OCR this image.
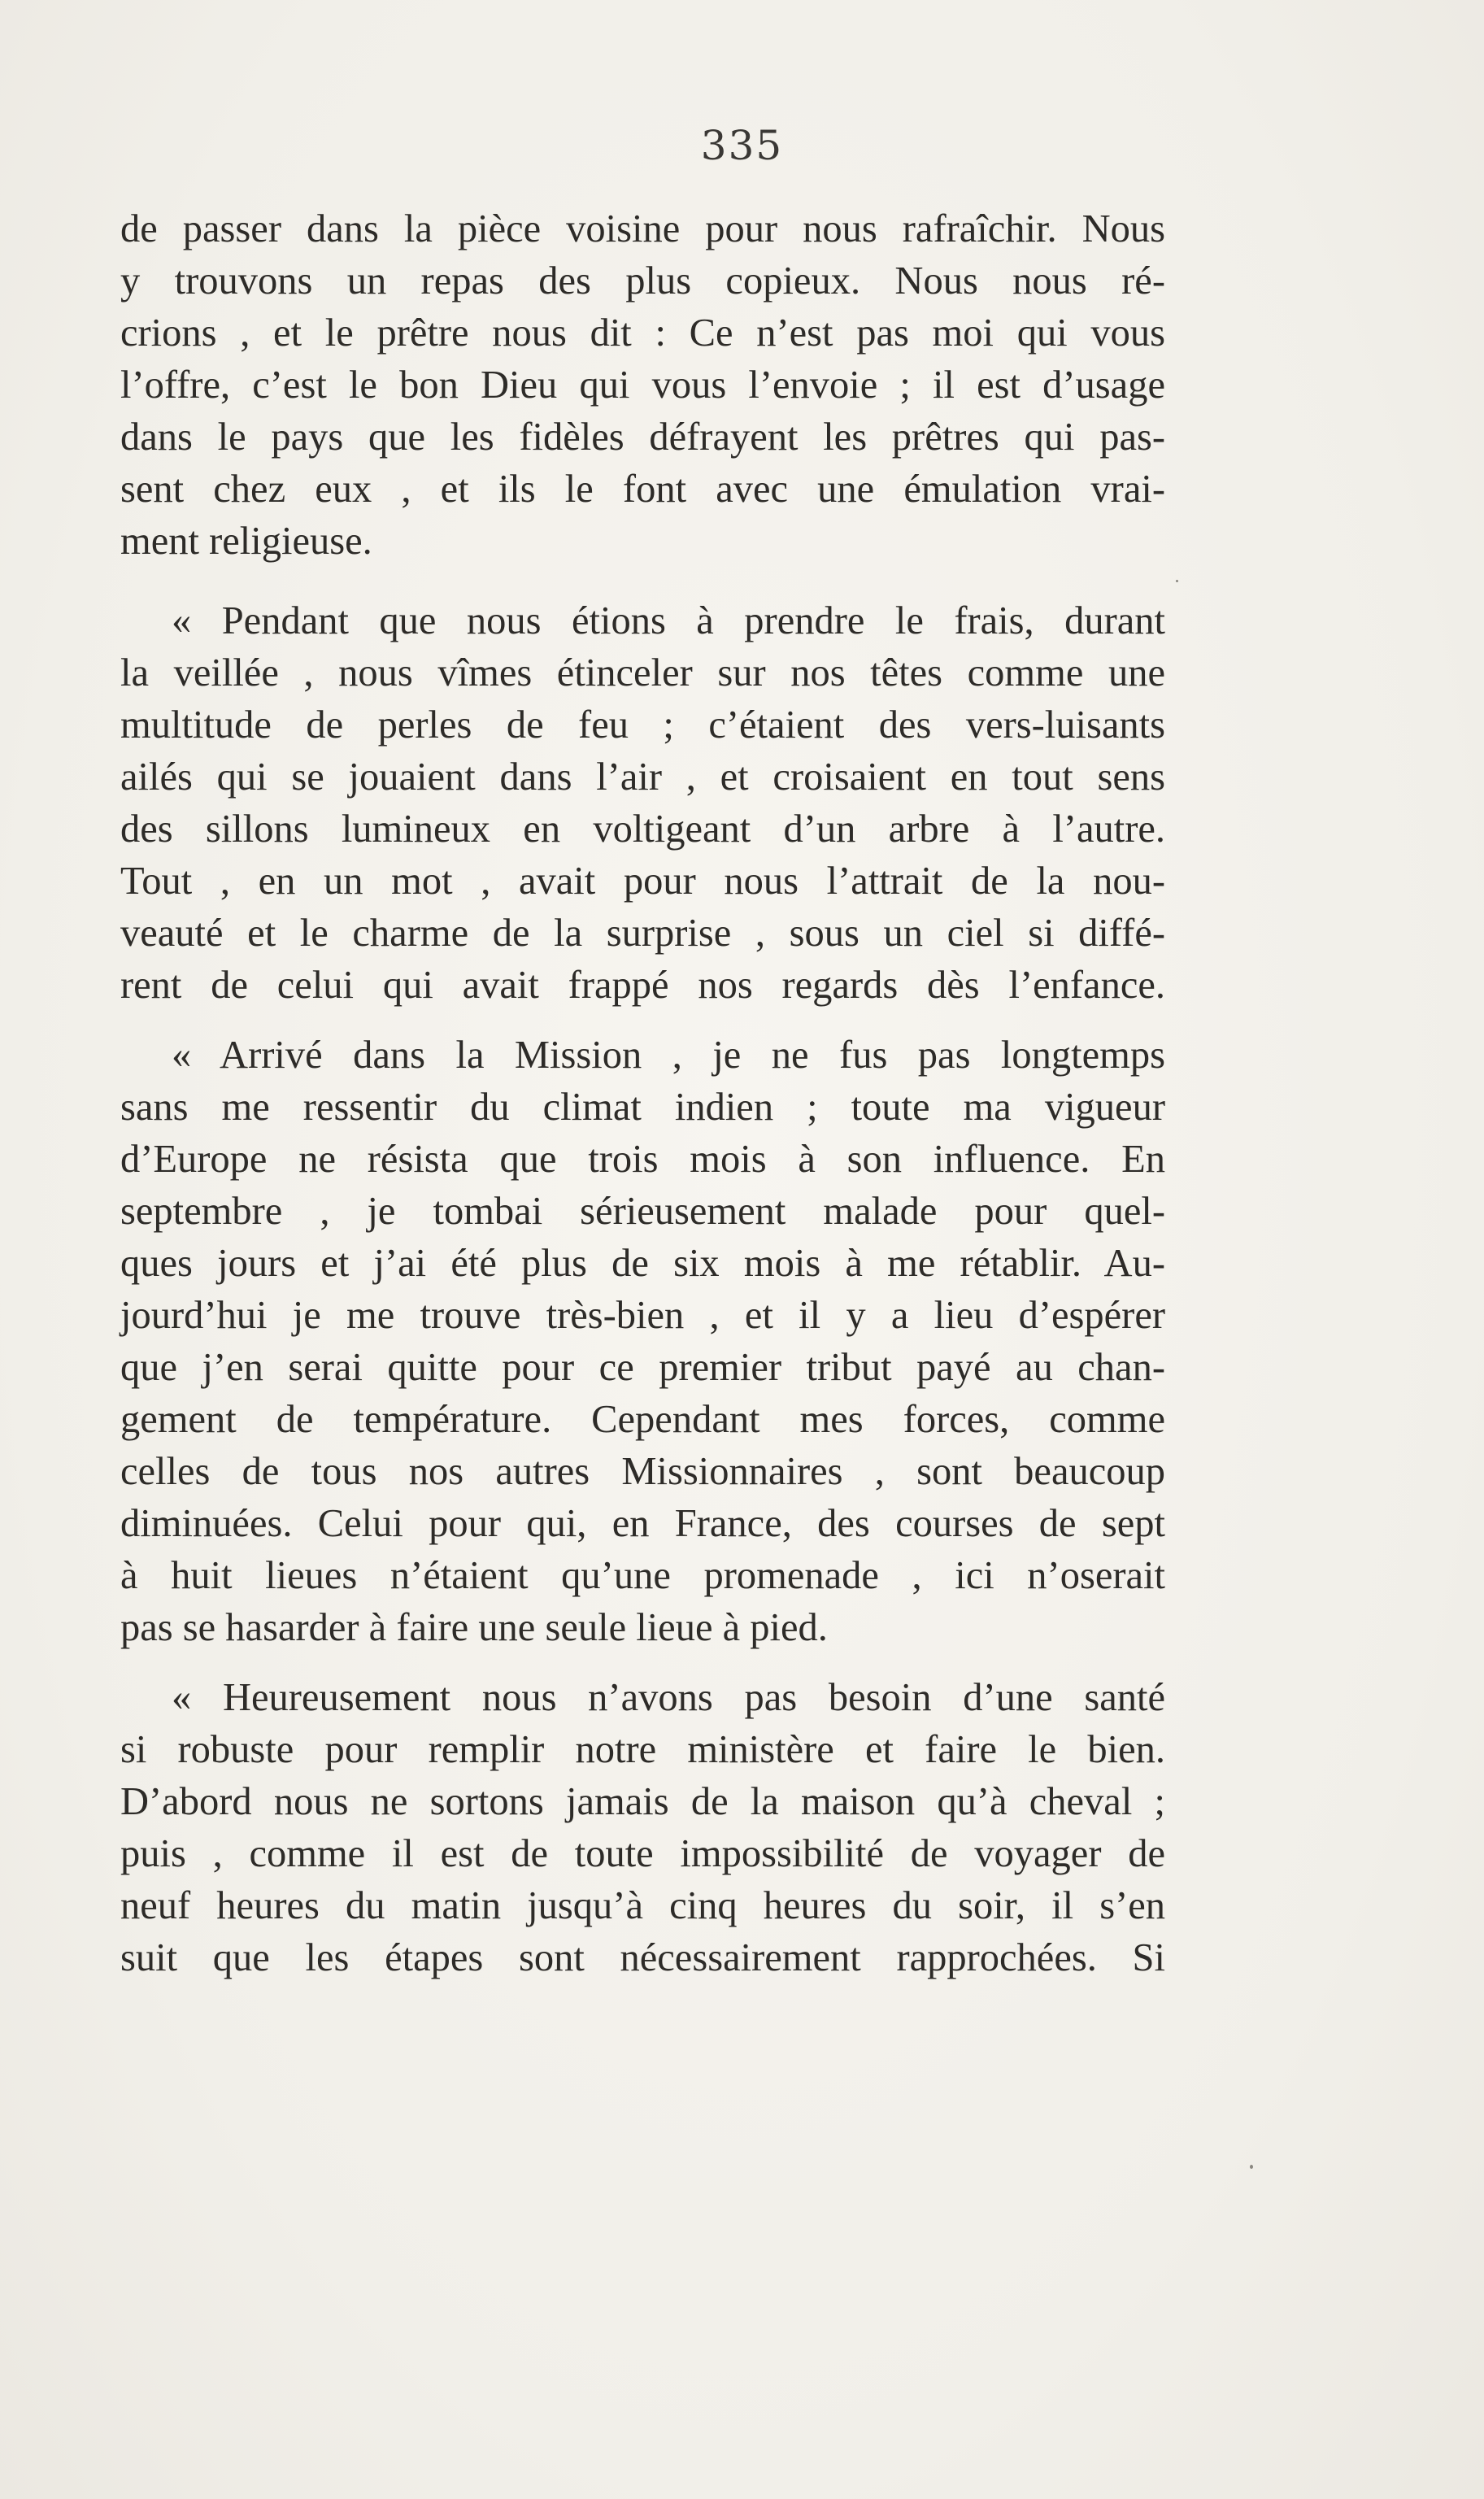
335
de passer dans la pièce voisine pour nous rafraîchir. Nous
y trouvons un repas des plus copieux. Nous nous ré-
crions , et le prêtre nous dit : Ce n’est pas moi qui vous
l’offre, c’est le bon Dieu qui vous l’envoie ; il est d’usage
dans le pays que les fidèles défrayent les prêtres qui pas-
sent chez eux , et ils le font avec une émulation vrai-
ment religieuse.
« Pendant que nous étions à prendre le frais, durant
la veillée , nous vîmes étinceler sur nos têtes comme une
multitude de perles de feu ; c’étaient des vers-luisants
ailés qui se jouaient dans l’air , et croisaient en tout sens
des sillons lumineux en voltigeant d’un arbre à l’autre.
Tout , en un mot , avait pour nous l’attrait de la nou-
veauté et le charme de la surprise , sous un ciel si diffé-
rent de celui qui avait frappé nos regards dès l’enfance.
« Arrivé dans la Mission , je ne fus pas longtemps
sans me ressentir du climat indien ; toute ma vigueur
d’Europe ne résista que trois mois à son influence. En
septembre , je tombai sérieusement malade pour quel-
ques jours et j’ai été plus de six mois à me rétablir. Au-
jourd’hui je me trouve très-bien , et il y a lieu d’espérer
que j’en serai quitte pour ce premier tribut payé au chan-
gement de température. Cependant mes forces, comme
celles de tous nos autres Missionnaires , sont beaucoup
diminuées. Celui pour qui, en France, des courses de sept
à huit lieues n’étaient qu’une promenade , ici n’oserait
pas se hasarder à faire une seule lieue à pied.
« Heureusement nous n’avons pas besoin d’une santé
si robuste pour remplir notre ministère et faire le bien.
D’abord nous ne sortons jamais de la maison qu’à cheval ;
puis , comme il est de toute impossibilité de voyager de
neuf heures du matin jusqu’à cinq heures du soir, il s’en
suit que les étapes sont nécessairement rapprochées. Si
